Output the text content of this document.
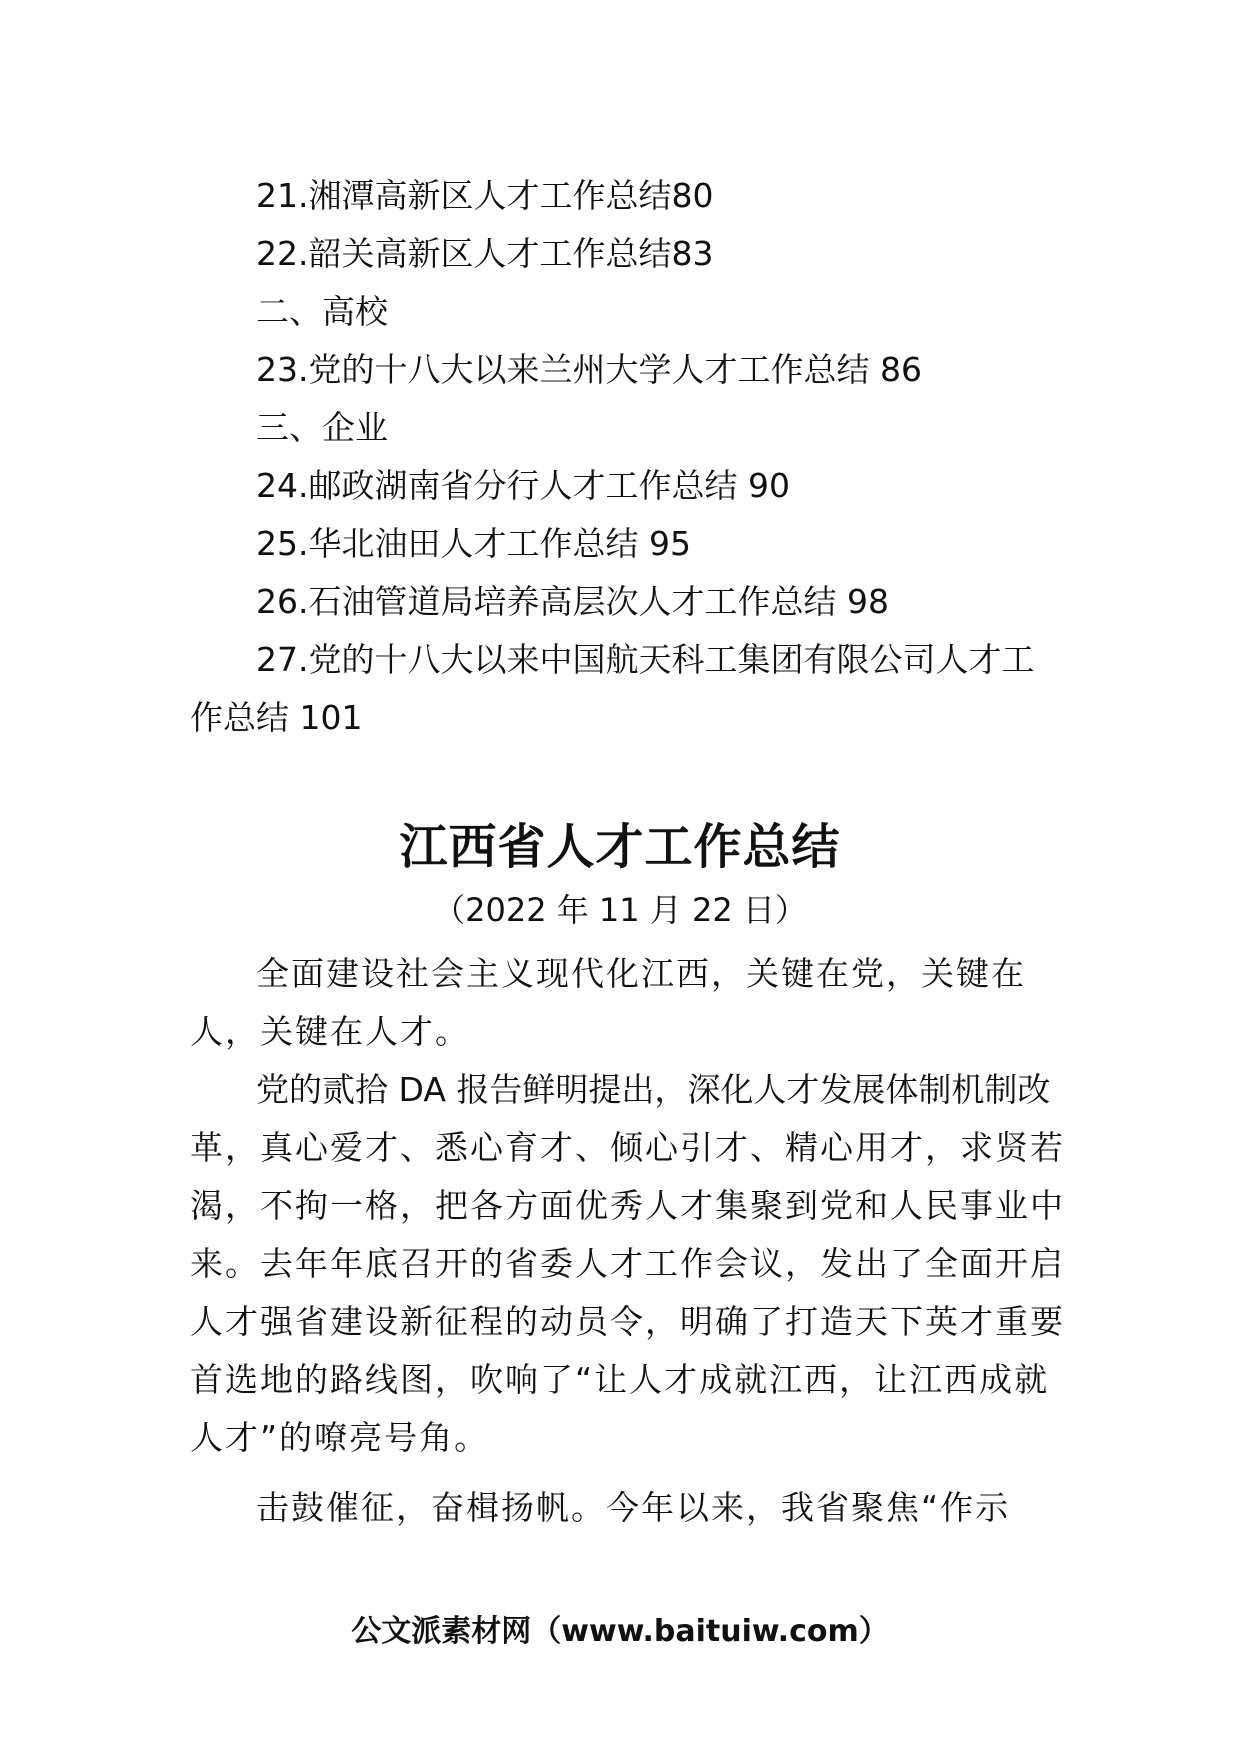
21.湘潭高新区人才工作总结80
22.韶关高新区人才工作总结83
二、高校
23.党的十八大以来兰州大学人才工作总结 86
三、企业
24.邮政湖南省分行人才工作总结 90
25.华北油田人才工作总结 95
26.石油管道局培养高层次人才工作总结 98
27.党的十八大以来中国航天科工集团有限公司人才工
作总结 101
江西省人才工作总结
（2022 年 11 月 22 日）
全面建设社会主义现代化江西，关键在党，关键在
人，关键在人才。
党的贰拾 DA 报告鲜明提出，深化人才发展体制机制改
革，真心爱才、悉心育才、倾心引才、精心用才，求贤若
渴，不拘一格，把各方面优秀人才集聚到党和人民事业中
来。去年年底召开的省委人才工作会议，发出了全面开启
人才强省建设新征程的动员令，明确了打造天下英才重要
首选地的路线图，吹响了“让人才成就江西，让江西成就
人才”的嘹亮号角。
击鼓催征，奋楫扬帆。今年以来，我省聚焦“作示
公文派素材网（www.baituiw.com）
